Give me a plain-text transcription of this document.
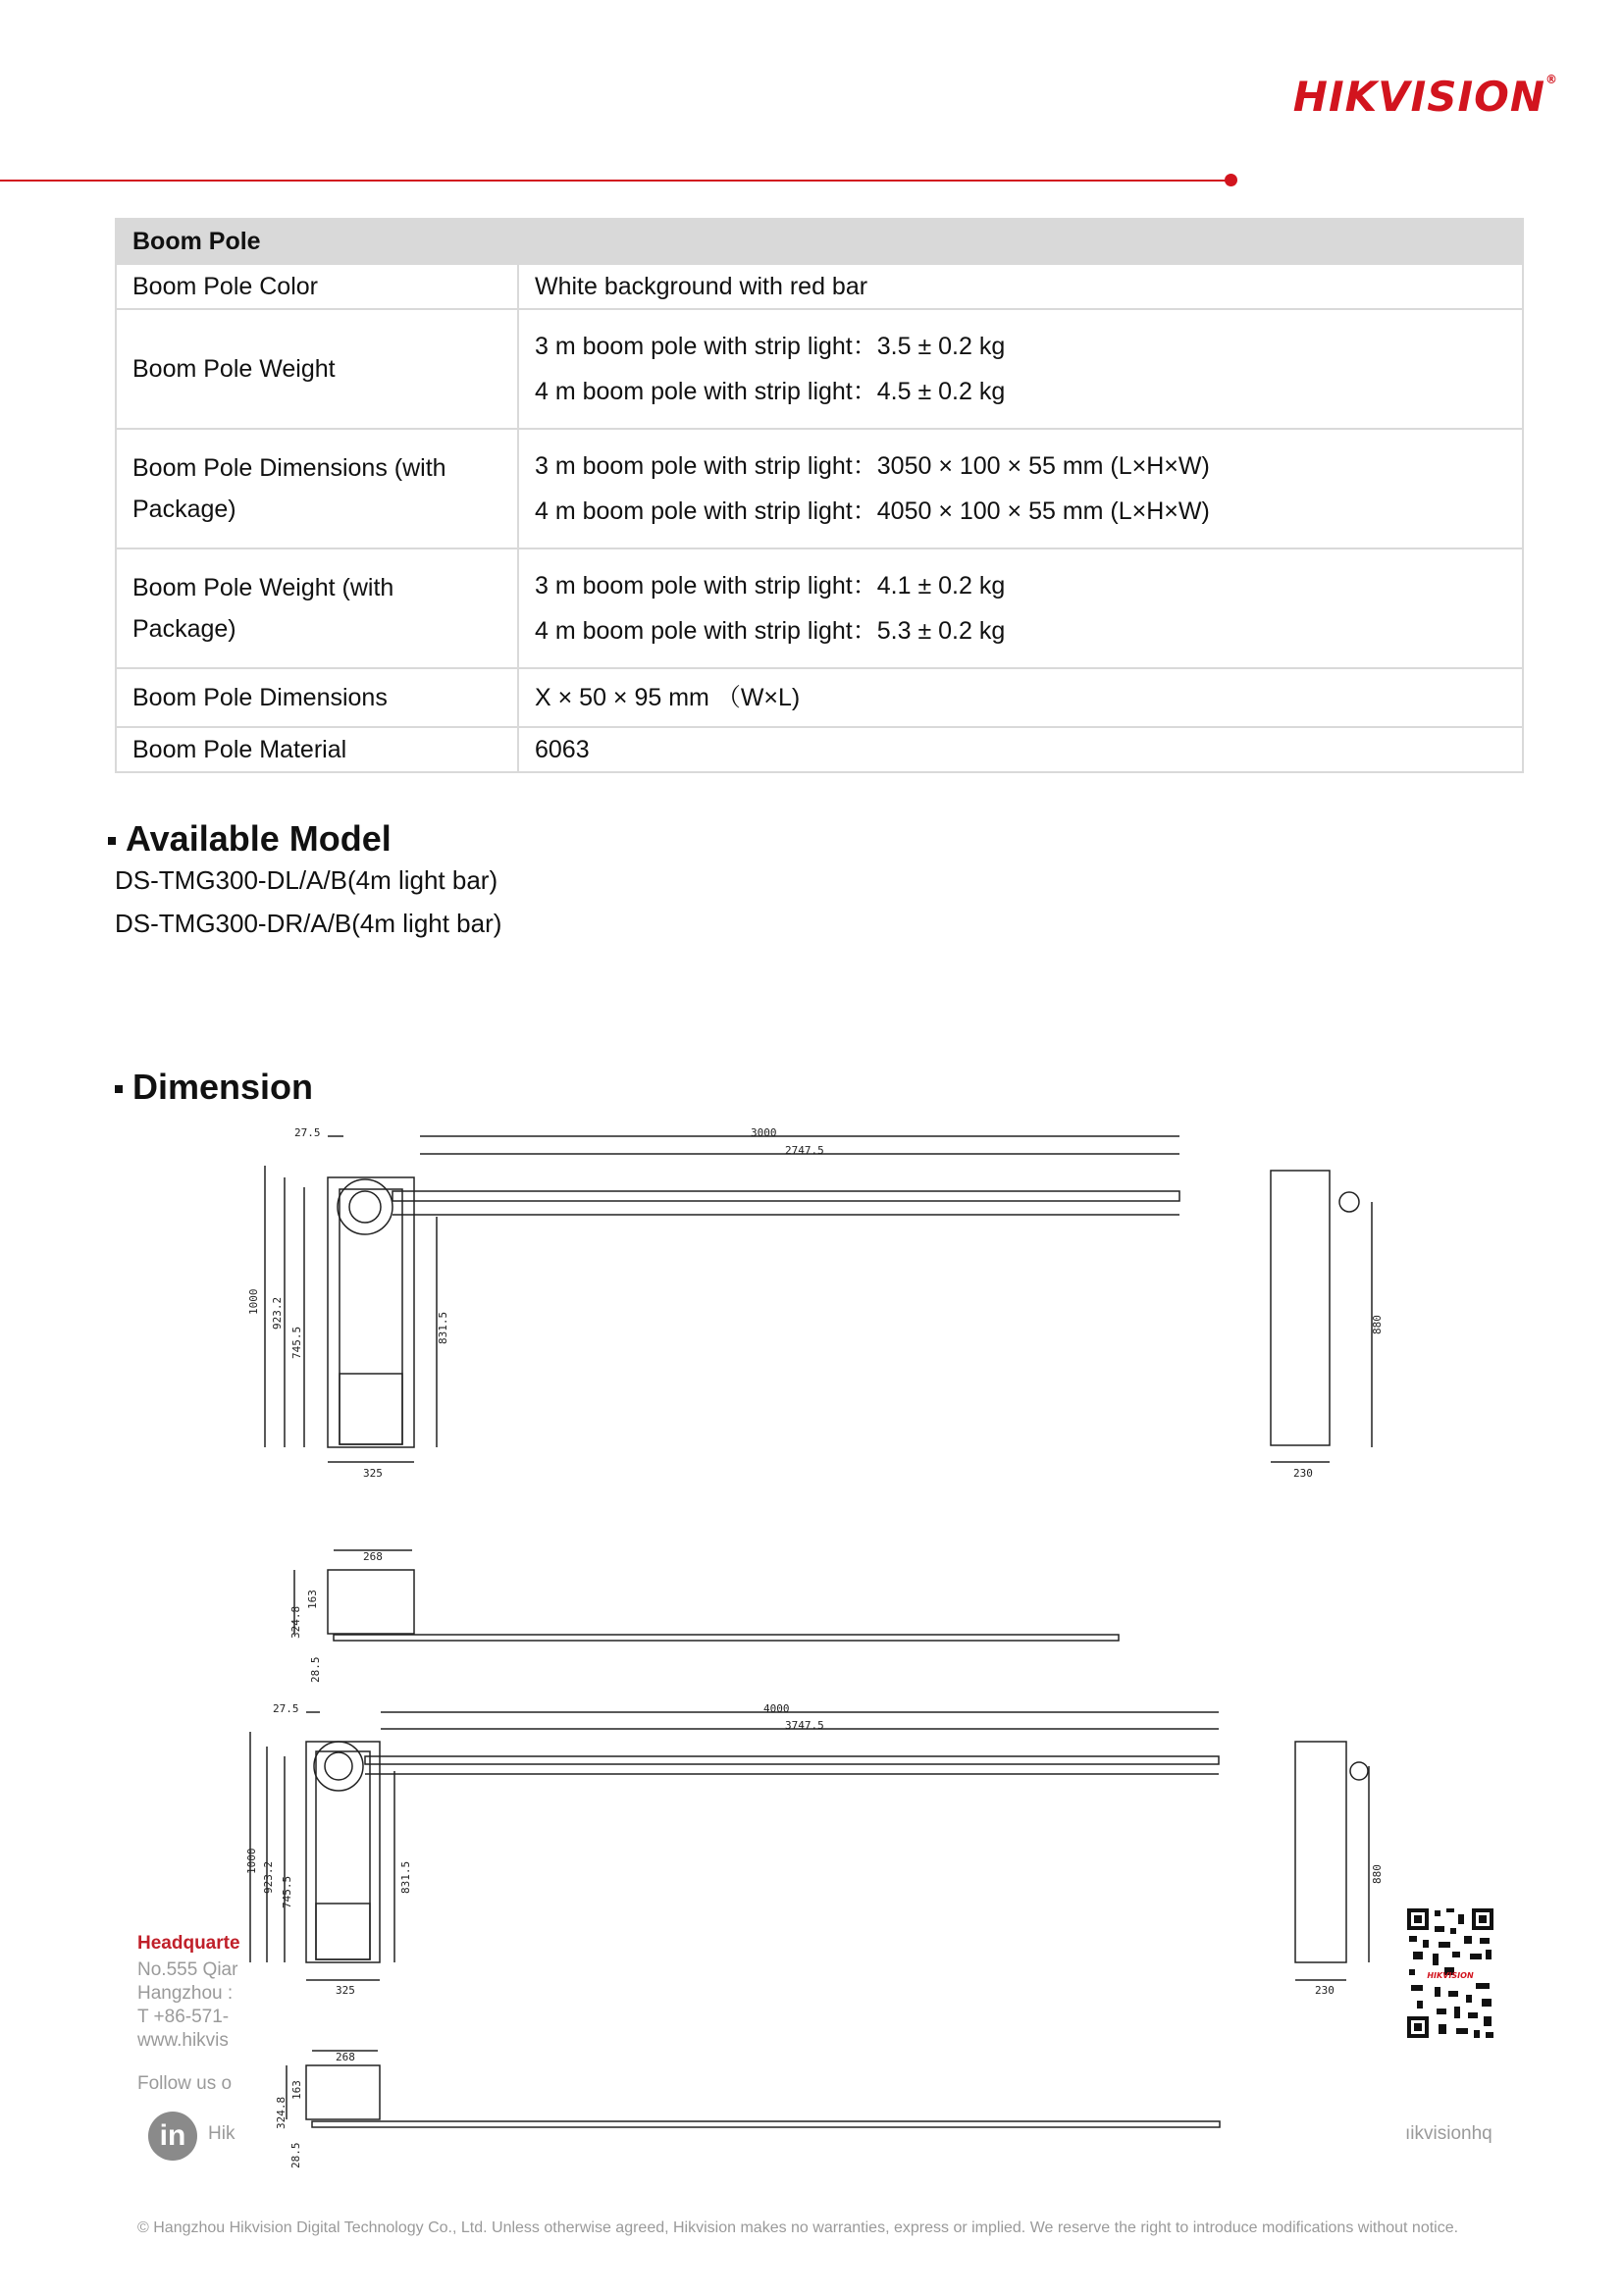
HIKVISION®
Boom Pole	
Boom Pole Color	White background with red bar
Boom Pole Weight	3 m boom pole with strip light：3.5 ± 0.2 kg
4 m boom pole with strip light：4.5 ± 0.2 kg

Boom Pole Dimensions (with Package)	3 m boom pole with strip light：3050 × 100 × 55 mm (L×H×W)
4 m boom pole with strip light：4050 × 100 × 55 mm (L×H×W)

Boom Pole Weight (with Package)	3 m boom pole with strip light：4.1 ± 0.2 kg
4 m boom pole with strip light：5.3 ± 0.2 kg

Boom Pole Dimensions	X × 50 × 95 mm （W×L)
Boom Pole Material	6063
Available Model
DS-TMG300-DL/A/B(4m light bar)
DS-TMG300-DR/A/B(4m light bar)
Dimension
27.5	3000
2747.5
1000 923.2
745.5	831.5
325
880
230
268
163
324.8
28.5
27.5	4000
3747.5
1000
923.2 745.5	831.5
325
880
230
268
163
324.8
28.5
Headquarte
No.555 Qiar
Hangzhou :
T +86-571-
www.hikvis
Follow us o
in	Hik	ıikvisionhq
HIKVISION
© Hangzhou Hikvision Digital Technology Co., Ltd. Unless otherwise agreed, Hikvision makes no warranties, express or implied. We reserve the right to introduce modifications without notice.
